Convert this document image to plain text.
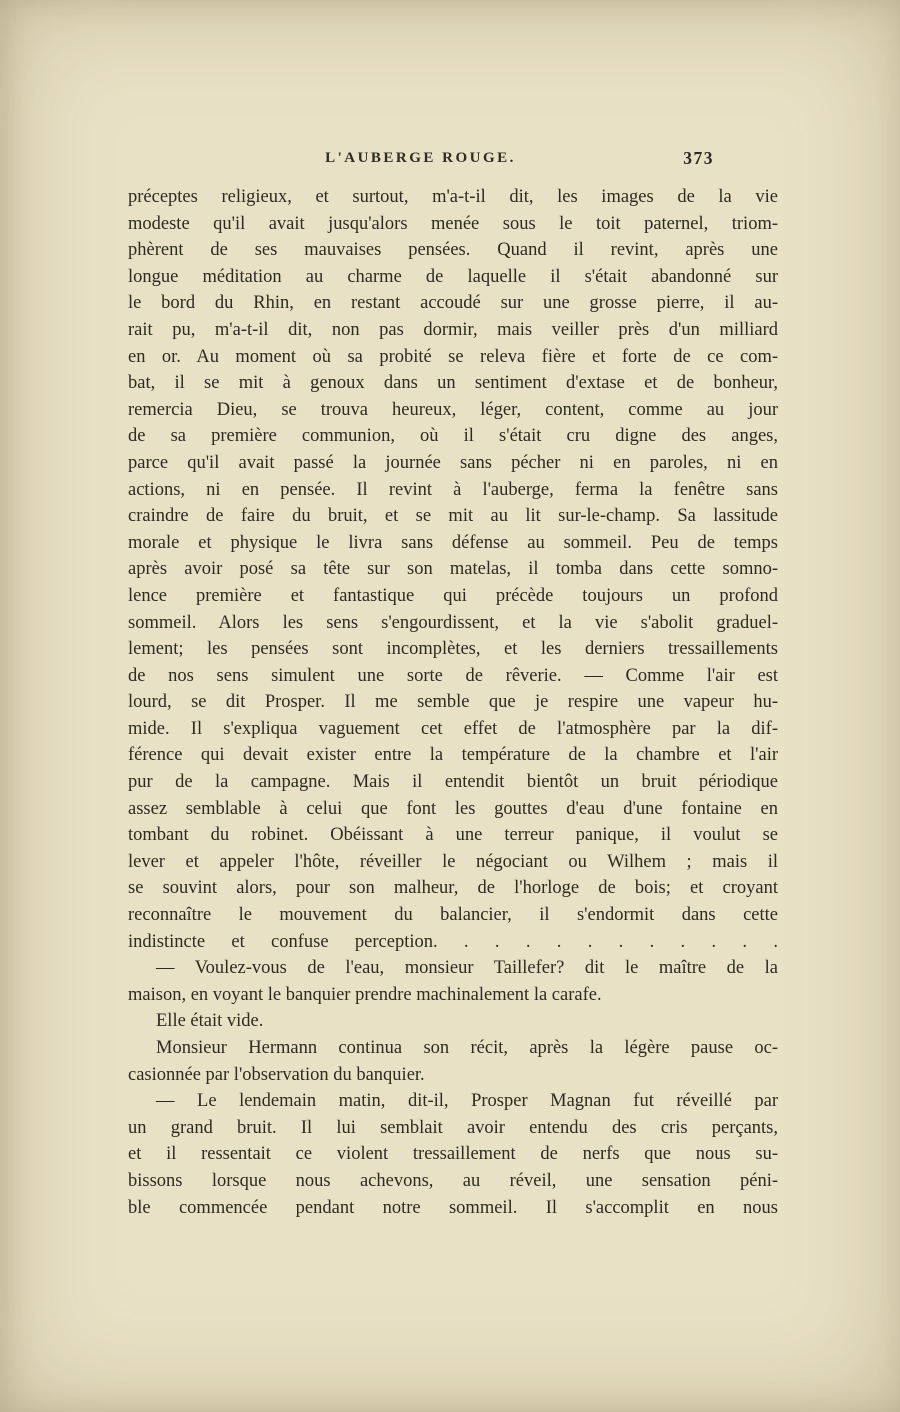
L'AUBERGE ROUGE.	373
préceptes religieux, et surtout, m'a-t-il dit, les images de la vie
modeste qu'il avait jusqu'alors menée sous le toit paternel, triom-
phèrent de ses mauvaises pensées. Quand il revint, après une
longue méditation au charme de laquelle il s'était abandonné sur
le bord du Rhin, en restant accoudé sur une grosse pierre, il au-
rait pu, m'a-t-il dit, non pas dormir, mais veiller près d'un milliard
en or. Au moment où sa probité se releva fière et forte de ce com-
bat, il se mit à genoux dans un sentiment d'extase et de bonheur,
remercia Dieu, se trouva heureux, léger, content, comme au jour
de sa première communion, où il s'était cru digne des anges,
parce qu'il avait passé la journée sans pécher ni en paroles, ni en
actions, ni en pensée. Il revint à l'auberge, ferma la fenêtre sans
craindre de faire du bruit, et se mit au lit sur-le-champ. Sa lassitude
morale et physique le livra sans défense au sommeil. Peu de temps
après avoir posé sa tête sur son matelas, il tomba dans cette somno-
lence première et fantastique qui précède toujours un profond
sommeil. Alors les sens s'engourdissent, et la vie s'abolit graduel-
lement; les pensées sont incomplètes, et les derniers tressaillements
de nos sens simulent une sorte de rêverie. — Comme l'air est
lourd, se dit Prosper. Il me semble que je respire une vapeur hu-
mide. Il s'expliqua vaguement cet effet de l'atmosphère par la dif-
férence qui devait exister entre la température de la chambre et l'air
pur de la campagne. Mais il entendit bientôt un bruit périodique
assez semblable à celui que font les gouttes d'eau d'une fontaine en
tombant du robinet. Obéissant à une terreur panique, il voulut se
lever et appeler l'hôte, réveiller le négociant ou Wilhem ; mais il
se souvint alors, pour son malheur, de l'horloge de bois; et croyant
reconnaître le mouvement du balancier, il s'endormit dans cette
indistincte et confuse perception. . . . . . . . . . . .
— Voulez-vous de l'eau, monsieur Taillefer? dit le maître de la
maison, en voyant le banquier prendre machinalement la carafe.
Elle était vide.
Monsieur Hermann continua son récit, après la légère pause oc-
casionnée par l'observation du banquier.
— Le lendemain matin, dit-il, Prosper Magnan fut réveillé par
un grand bruit. Il lui semblait avoir entendu des cris perçants,
et il ressentait ce violent tressaillement de nerfs que nous su-
bissons lorsque nous achevons, au réveil, une sensation péni-
ble commencée pendant notre sommeil. Il s'accomplit en nous
